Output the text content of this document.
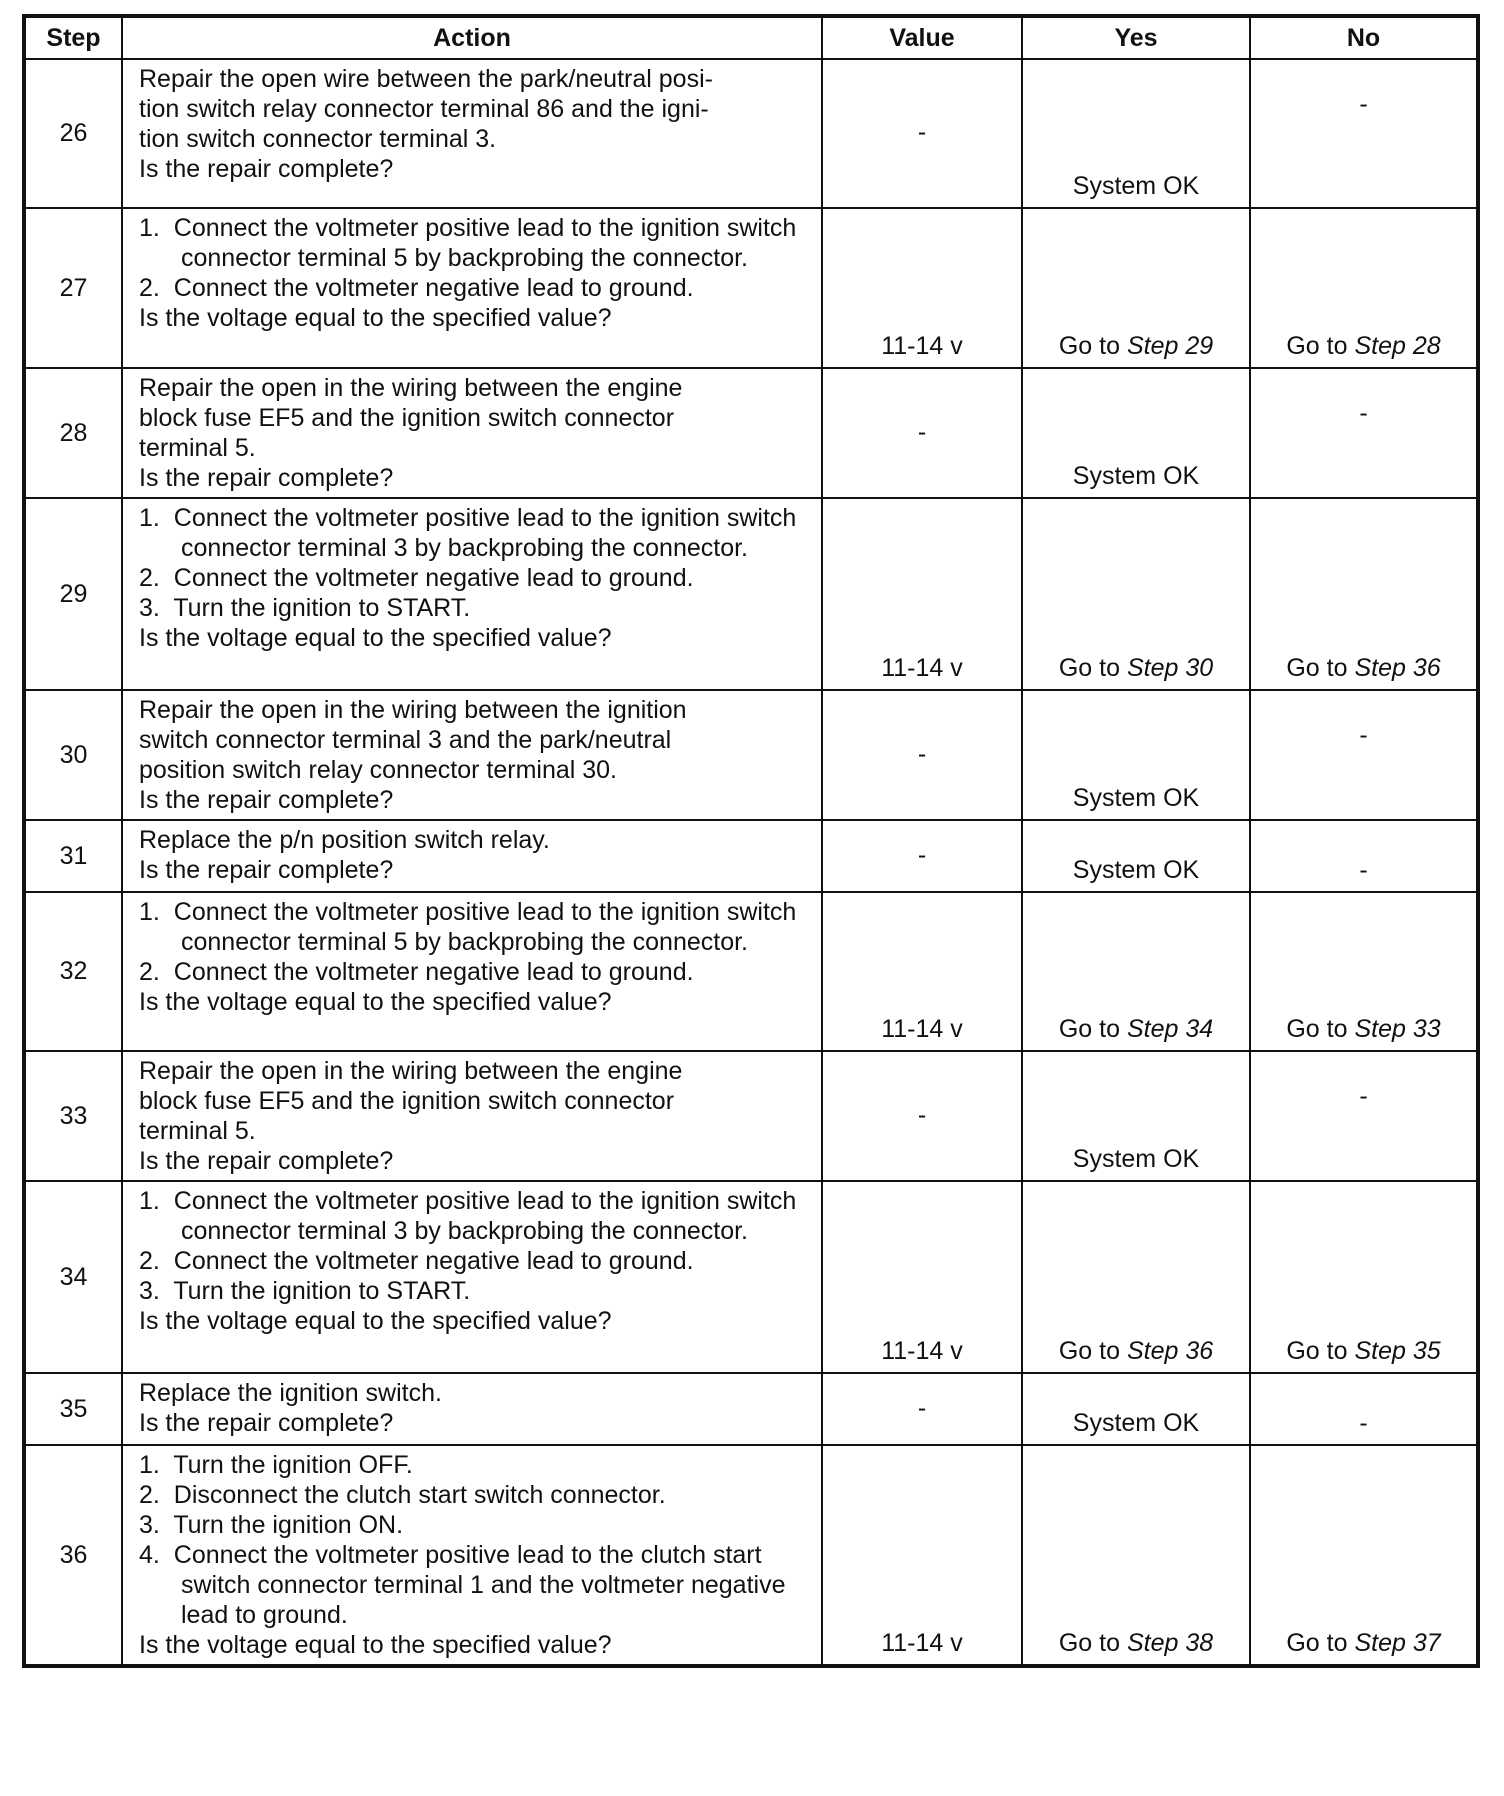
Step	Action	Value	Yes	No
26	Repair the open wire between the park/neutral posi-
tion switch relay connector terminal 86 and the igni-
tion switch connector terminal 3.
Is the repair complete?	-	System OK	-
27	1. Connect the voltmeter positive lead to the ignition switch connector terminal 5 by backprobing the connector.
2. Connect the voltmeter negative lead to ground.
Is the voltage equal to the specified value?	11-14 v	Go to Step 29	Go to Step 28
28	Repair the open in the wiring between the engine
block fuse EF5 and the ignition switch connector
terminal 5.
Is the repair complete?	-	System OK	-
29	1. Connect the voltmeter positive lead to the ignition switch connector terminal 3 by backprobing the connector.
2. Connect the voltmeter negative lead to ground.
3. Turn the ignition to START.
Is the voltage equal to the specified value?	11-14 v	Go to Step 30	Go to Step 36
30	Repair the open in the wiring between the ignition
switch connector terminal 3 and the park/neutral
position switch relay connector terminal 30.
Is the repair complete?	-	System OK	-
31	Replace the p/n position switch relay.
Is the repair complete?	-	System OK	-
32	1. Connect the voltmeter positive lead to the ignition switch connector terminal 5 by backprobing the connector.
2. Connect the voltmeter negative lead to ground.
Is the voltage equal to the specified value?	11-14 v	Go to Step 34	Go to Step 33
33	Repair the open in the wiring between the engine
block fuse EF5 and the ignition switch connector
terminal 5.
Is the repair complete?	-	System OK	-
34	1. Connect the voltmeter positive lead to the ignition switch connector terminal 3 by backprobing the connector.
2. Connect the voltmeter negative lead to ground.
3. Turn the ignition to START.
Is the voltage equal to the specified value?	11-14 v	Go to Step 36	Go to Step 35
35	Replace the ignition switch.
Is the repair complete?	-	System OK	-
36	1. Turn the ignition OFF.
2. Disconnect the clutch start switch connector.
3. Turn the ignition ON.
4. Connect the voltmeter positive lead to the clutch start switch connector terminal 1 and the voltmeter negative lead to ground.
Is the voltage equal to the specified value?	11-14 v	Go to Step 38	Go to Step 37
